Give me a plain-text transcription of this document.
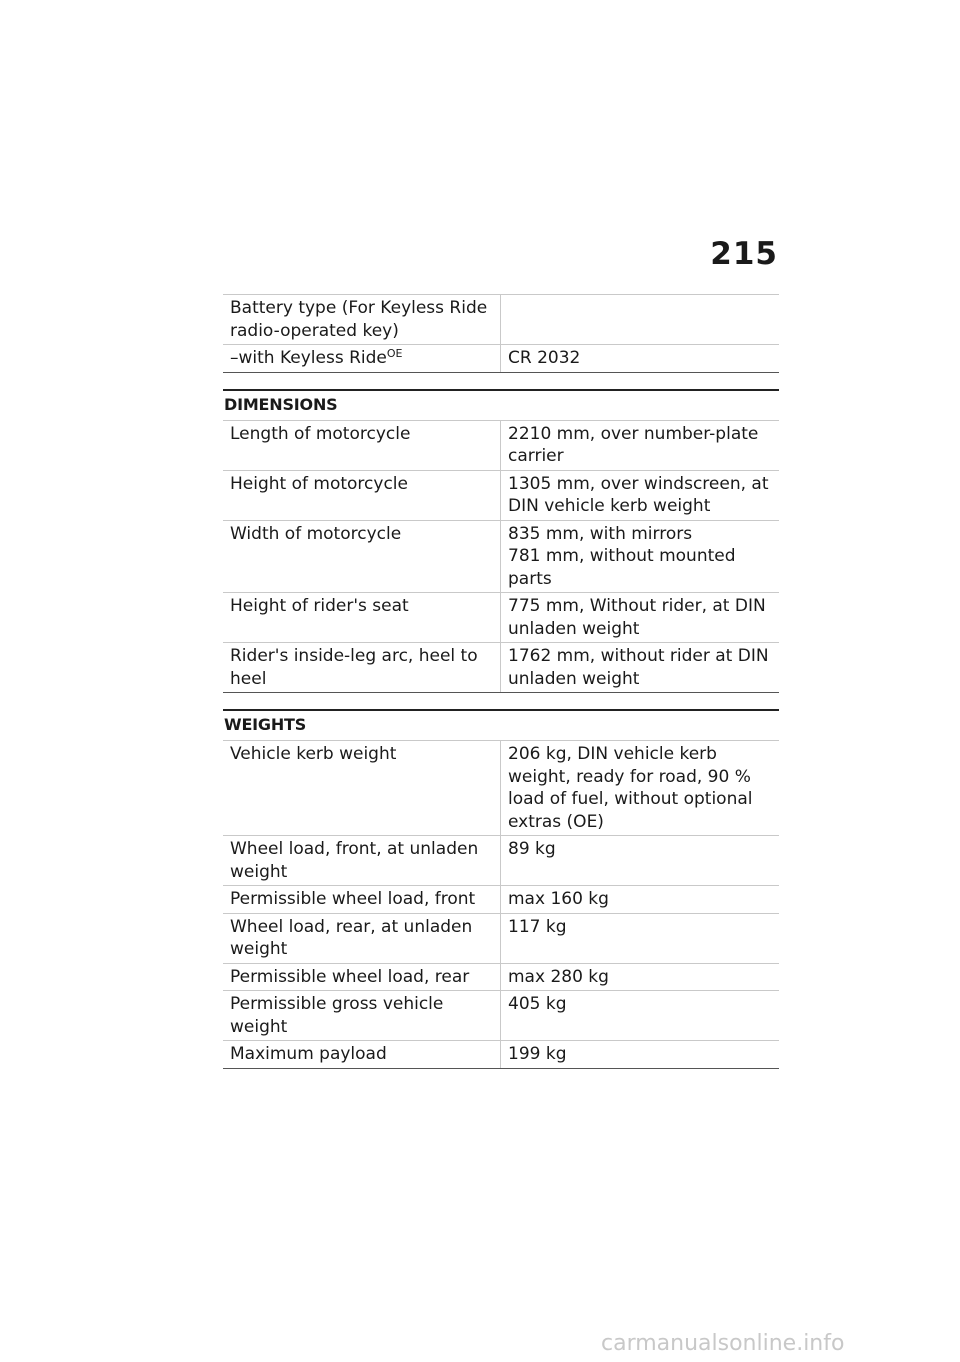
215
Battery type (For Keyless Ride radio-operated key)	
–with Keyless Ride$^{OE}$	CR 2032
DIMENSIONS
Length of motorcycle	2210 mm, over number-plate carrier
Height of motorcycle	1305 mm, over windscreen, at DIN vehicle kerb weight
Width of motorcycle	835 mm, with mirrors
781 mm, without mounted parts

Height of rider's seat	775 mm, Without rider, at DIN unladen weight
Rider's inside-leg arc, heel to heel	1762 mm, without rider at DIN unladen weight
WEIGHTS
Vehicle kerb weight	206 kg, DIN vehicle kerb weight, ready for road, 90 % load of fuel, without optional extras (OE)
Wheel load, front, at unladen weight	89 kg
Permissible wheel load, front	max 160 kg
Wheel load, rear, at unladen weight	117 kg
Permissible wheel load, rear	max 280 kg
Permissible gross vehicle weight	405 kg
Maximum payload	199 kg
carmanualsonline.info
